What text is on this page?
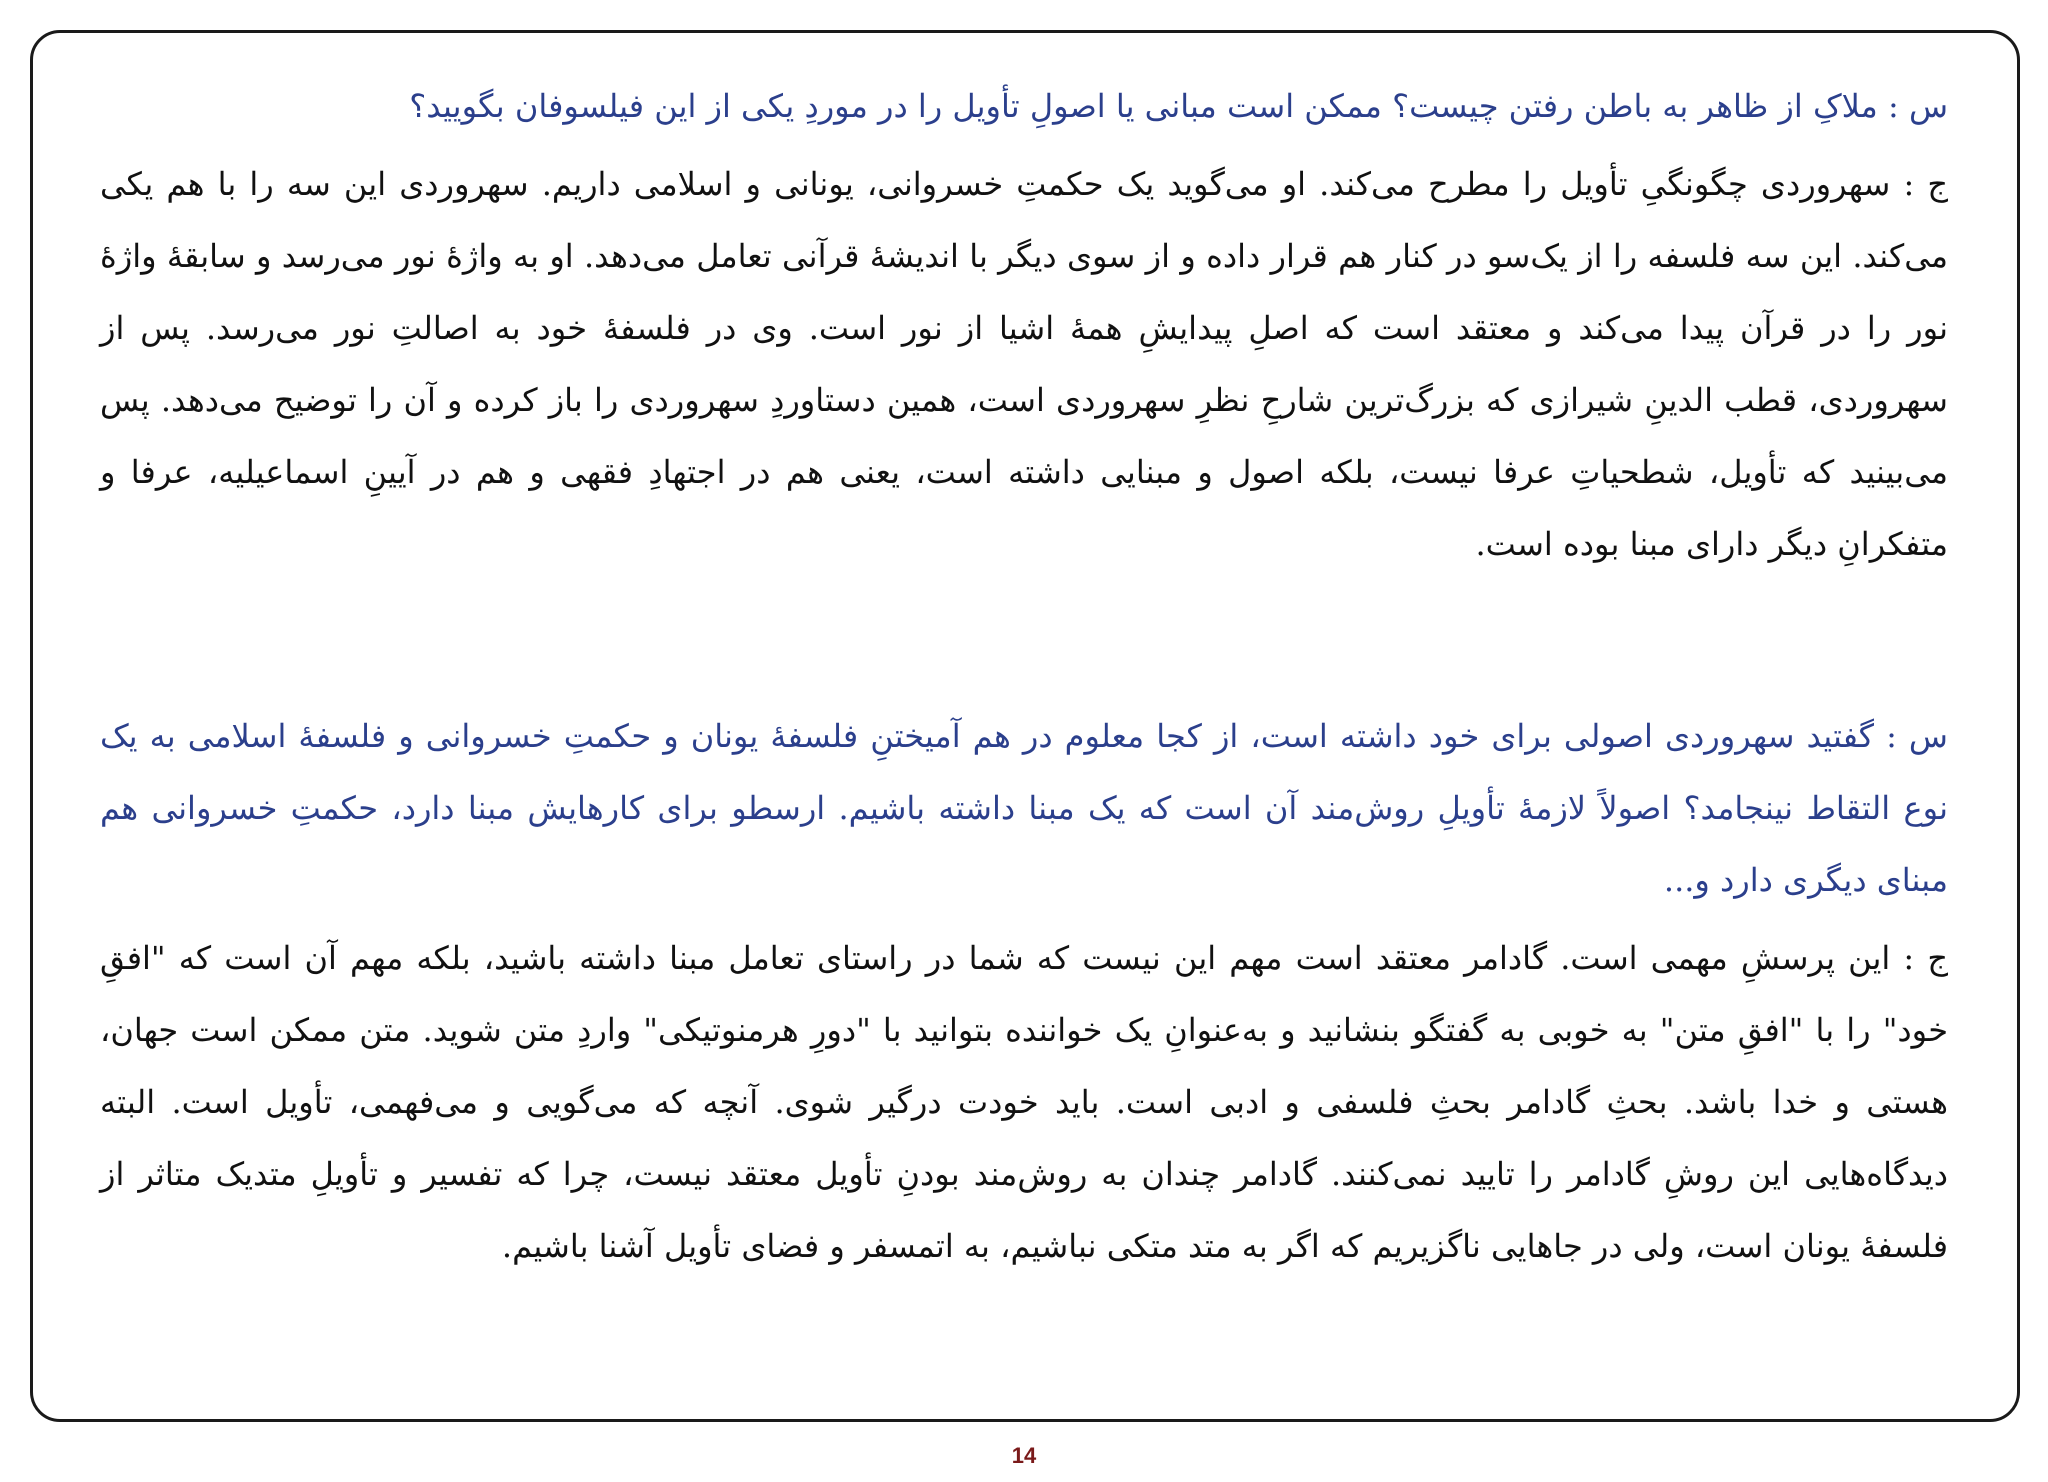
س : ملاکِ از ظاهر به باطن رفتن چیست؟ ممکن است مبانی یا اصولِ تأویل را در موردِ یکی از این فیلسوفان بگویید؟

ج : سهروردی چگونگیِ تأویل را مطرح می‌کند. او می‌گوید یک حکمتِ خسروانی، یونانی و اسلامی داریم. سهروردی این سه را با هم یکی می‌کند. این سه فلسفه را از یک‌سو در کنار هم قرار داده و از سوی دیگر با اندیشهٔ قرآنی تعامل می‌دهد. او به واژهٔ نور می‌رسد و سابقهٔ واژهٔ نور را در قرآن پیدا می‌کند و معتقد است که اصلِ پیدایشِ همهٔ اشیا از نور است. وی در فلسفهٔ خود به اصالتِ نور می‌رسد. پس از سهروردی، قطب الدینِ شیرازی که بزرگ‌ترین شارحِ نظرِ سهروردی است، همین دستاوردِ سهروردی را باز کرده و آن را توضیح می‌دهد. پس می‌بینید که تأویل، شطحیاتِ عرفا نیست، بلکه اصول و مبنایی داشته است، یعنی هم در اجتهادِ فقهی و هم در آیینِ اسماعیلیه، عرفا و متفکرانِ دیگر دارای مبنا بوده است.

س : گفتید سهروردی اصولی برای خود داشته است، از کجا معلوم در هم آمیختنِ فلسفهٔ یونان و حکمتِ خسروانی و فلسفهٔ اسلامی به یک نوع التقاط نینجامد؟ اصولاً لازمهٔ تأویلِ روش‌مند آن است که یک مبنا داشته باشیم. ارسطو برای کارهایش مبنا دارد، حکمتِ خسروانی هم مبنای دیگری دارد و...

ج : این پرسشِ مهمی است. گادامر معتقد است مهم این نیست که شما در راستای تعامل مبنا داشته باشید، بلکه مهم آن است که "افقِ خود" را با "افقِ متن" به خوبی به گفتگو بنشانید و به‌عنوانِ یک خواننده بتوانید با "دورِ هرمنوتیکی" واردِ متن شوید. متن ممکن است جهان، هستی و خدا باشد. بحثِ گادامر بحثِ فلسفی و ادبی است. باید خودت درگیر شوی. آنچه که می‌گویی و می‌فهمی، تأویل است. البته دیدگاه‌هایی این روشِ گادامر را تایید نمی‌کنند. گادامر چندان به روش‌مند بودنِ تأویل معتقد نیست، چرا که تفسیر و تأویلِ متدیک متاثر از فلسفهٔ یونان است، ولی در جاهایی ناگزیریم که اگر به متد متکی نباشیم، به اتمسفر و فضای تأویل آشنا باشیم.

14
